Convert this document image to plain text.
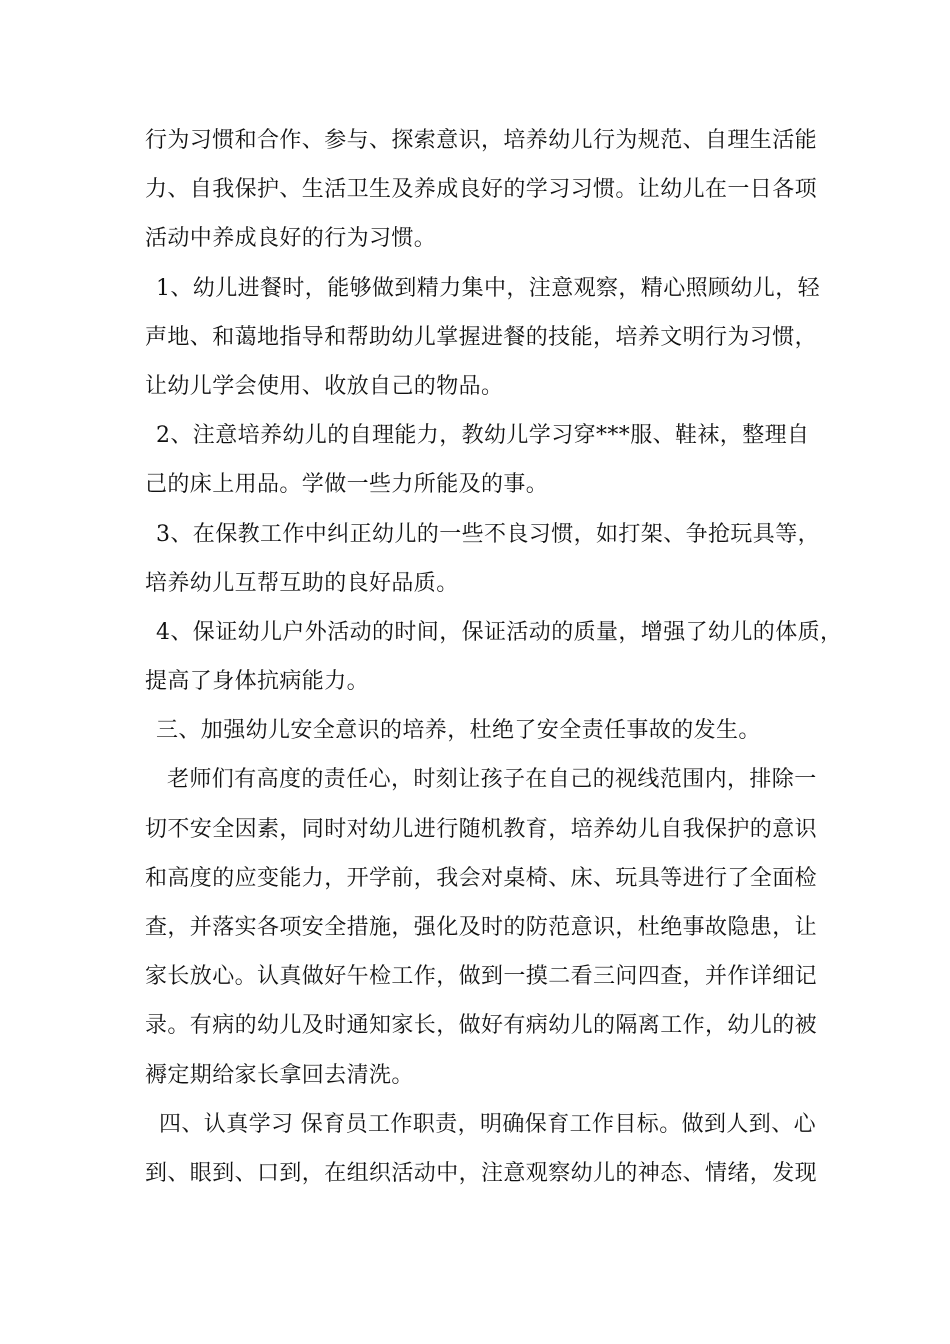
行为习惯和合作、参与、探索意识，培养幼儿行为规范、自理生活能
力、自我保护、生活卫生及养成良好的学习习惯。让幼儿在一日各项
活动中养成良好的行为习惯。
1、幼儿进餐时，能够做到精力集中，注意观察，精心照顾幼儿，轻
声地、和蔼地指导和帮助幼儿掌握进餐的技能，培养文明行为习惯，
让幼儿学会使用、收放自己的物品。
2、注意培养幼儿的自理能力，教幼儿学习穿***服、鞋袜，整理自
己的床上用品。学做一些力所能及的事。
3、在保教工作中纠正幼儿的一些不良习惯，如打架、争抢玩具等，
培养幼儿互帮互助的良好品质。
4、保证幼儿户外活动的时间，保证活动的质量，增强了幼儿的体质，
提高了身体抗病能力。
三、加强幼儿安全意识的培养，杜绝了安全责任事故的发生。
老师们有高度的责任心，时刻让孩子在自己的视线范围内，排除一
切不安全因素，同时对幼儿进行随机教育，培养幼儿自我保护的意识
和高度的应变能力，开学前，我会对桌椅、床、玩具等进行了全面检
查，并落实各项安全措施，强化及时的防范意识，杜绝事故隐患，让
家长放心。认真做好午检工作，做到一摸二看三问四查，并作详细记
录。有病的幼儿及时通知家长，做好有病幼儿的隔离工作，幼儿的被
褥定期给家长拿回去清洗。
四、认真学习 保育员工作职责，明确保育工作目标。做到人到、心
到、眼到、口到，在组织活动中，注意观察幼儿的神态、情绪，发现
